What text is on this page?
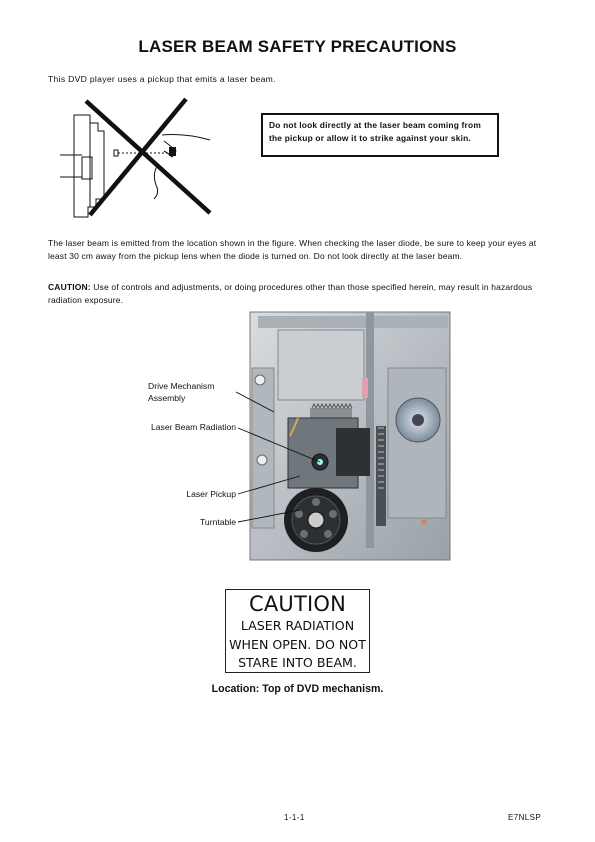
LASER BEAM SAFETY PRECAUTIONS
This DVD player uses a pickup that emits a laser beam.
Do not look directly at the laser beam coming from the pickup or allow it to strike against your skin.
The laser beam is emitted from the location shown in the figure. When checking the laser diode, be sure to keep your eyes at least 30 cm away from the pickup lens when the diode is turned on. Do not look directly at the laser beam.
CAUTION: Use of controls and adjustments, or doing procedures other than those specified herein, may result in hazardous radiation exposure.
Drive Mechanism Assembly
Laser Beam Radiation
Laser Pickup
Turntable
CAUTION
LASER RADIATION
WHEN OPEN. DO NOT
STARE INTO BEAM.
Location: Top of DVD mechanism.
1-1-1	E7NLSP
